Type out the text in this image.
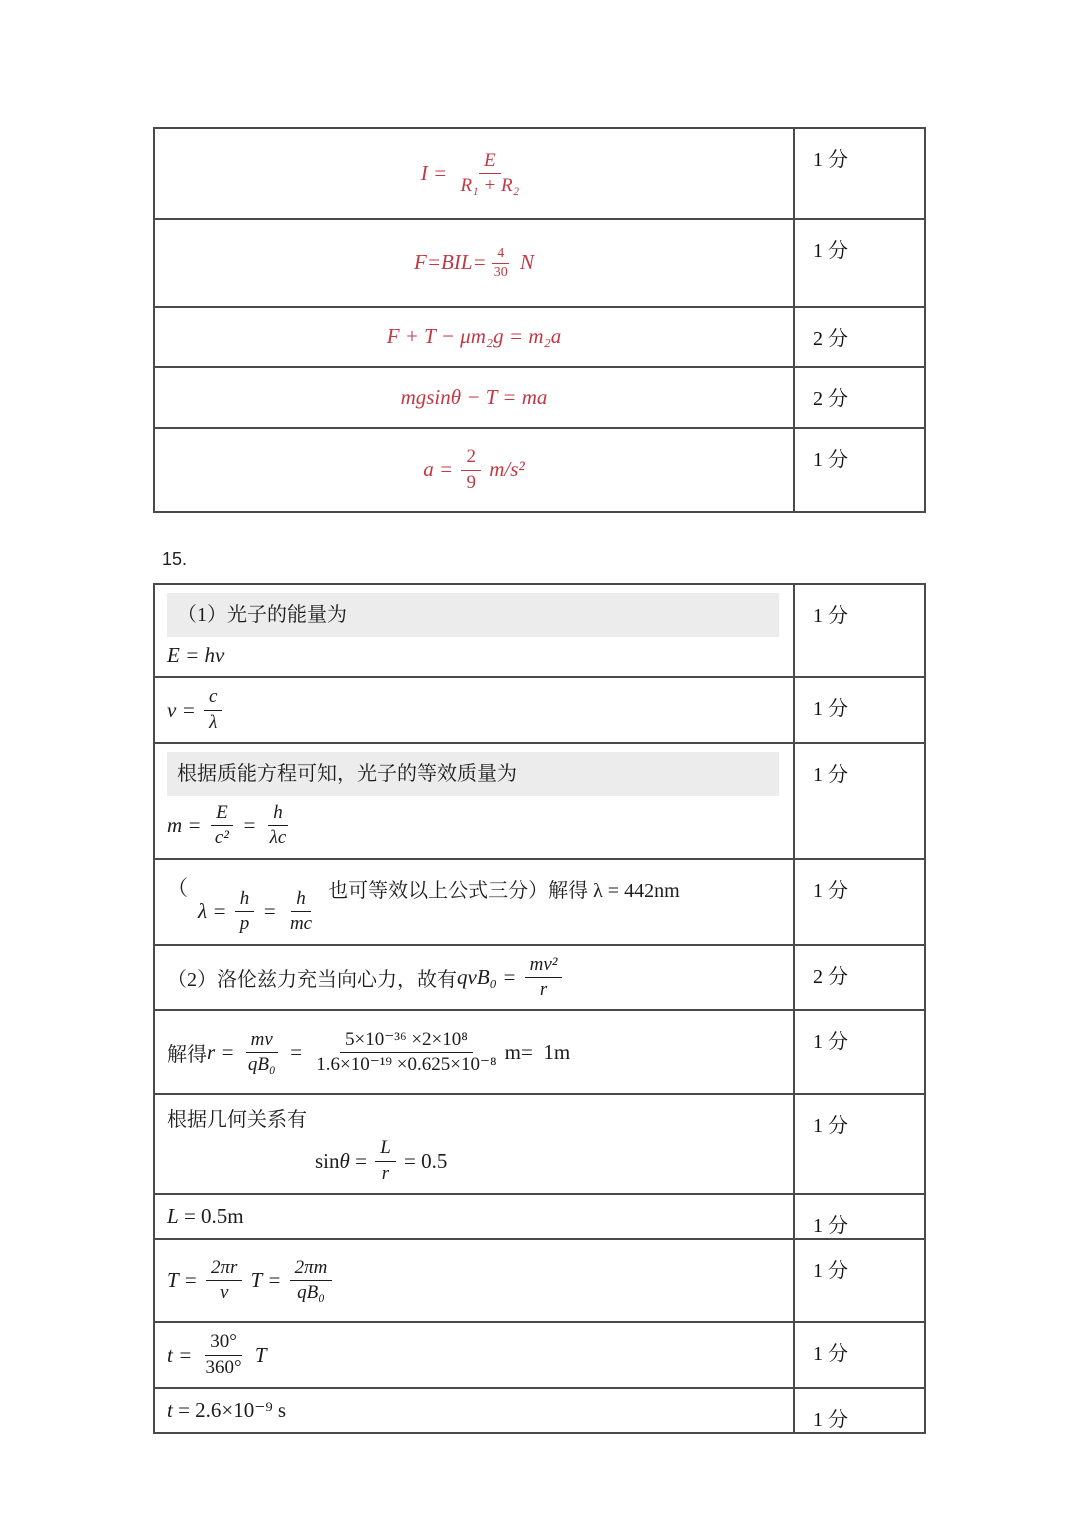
$I = \frac{E}{\text{R₁ + R₂}}$	1 分
$F=BIL= \frac{4}{30}$ N	1 分
F + T − μm₂g = m₂a	2 分
mgsinθ − T = ma	2 分
$a = \frac{2}{9} m/s^2$	1 分
15.
（1）光子的能量为
E = hv
1 分
$v = \frac{c}{\lambda}$	1 分
根据质能方程可知，光子的等效质量为
$m = \frac{E}{\text{c²}} = \frac{h}{\lambda c}$
1 分
（
$\lambda = \frac{h}{p} = \frac{h}{mc}$ 也可等效以上公式三分）解得 λ = 442nm	1 分
（2）洛伦兹力充当向心力，故有 $qvB_0 = \frac{\text{mv²}}{r}$	2 分
解得 $r = \frac{mv}{\text{qB₀}} = \frac{\text{5×10⁻³⁶ ×2×10⁸}}{\text{1.6×10⁻¹⁹ ×0.625×10⁻⁸}} m= 1m$	1 分
根据几何关系有
$\sin \theta = \frac{L}{r} = 0.5$
1 分
L = 0.5m	1 分
$T = \frac{2\pi r}{v}$ $T = \frac{2\pi m}{\text{qB₀}}$	1 分
$t = \frac{30^\circ}{360^\circ}$ T	1 分
t = 2.6×10⁻⁹ s	1 分
